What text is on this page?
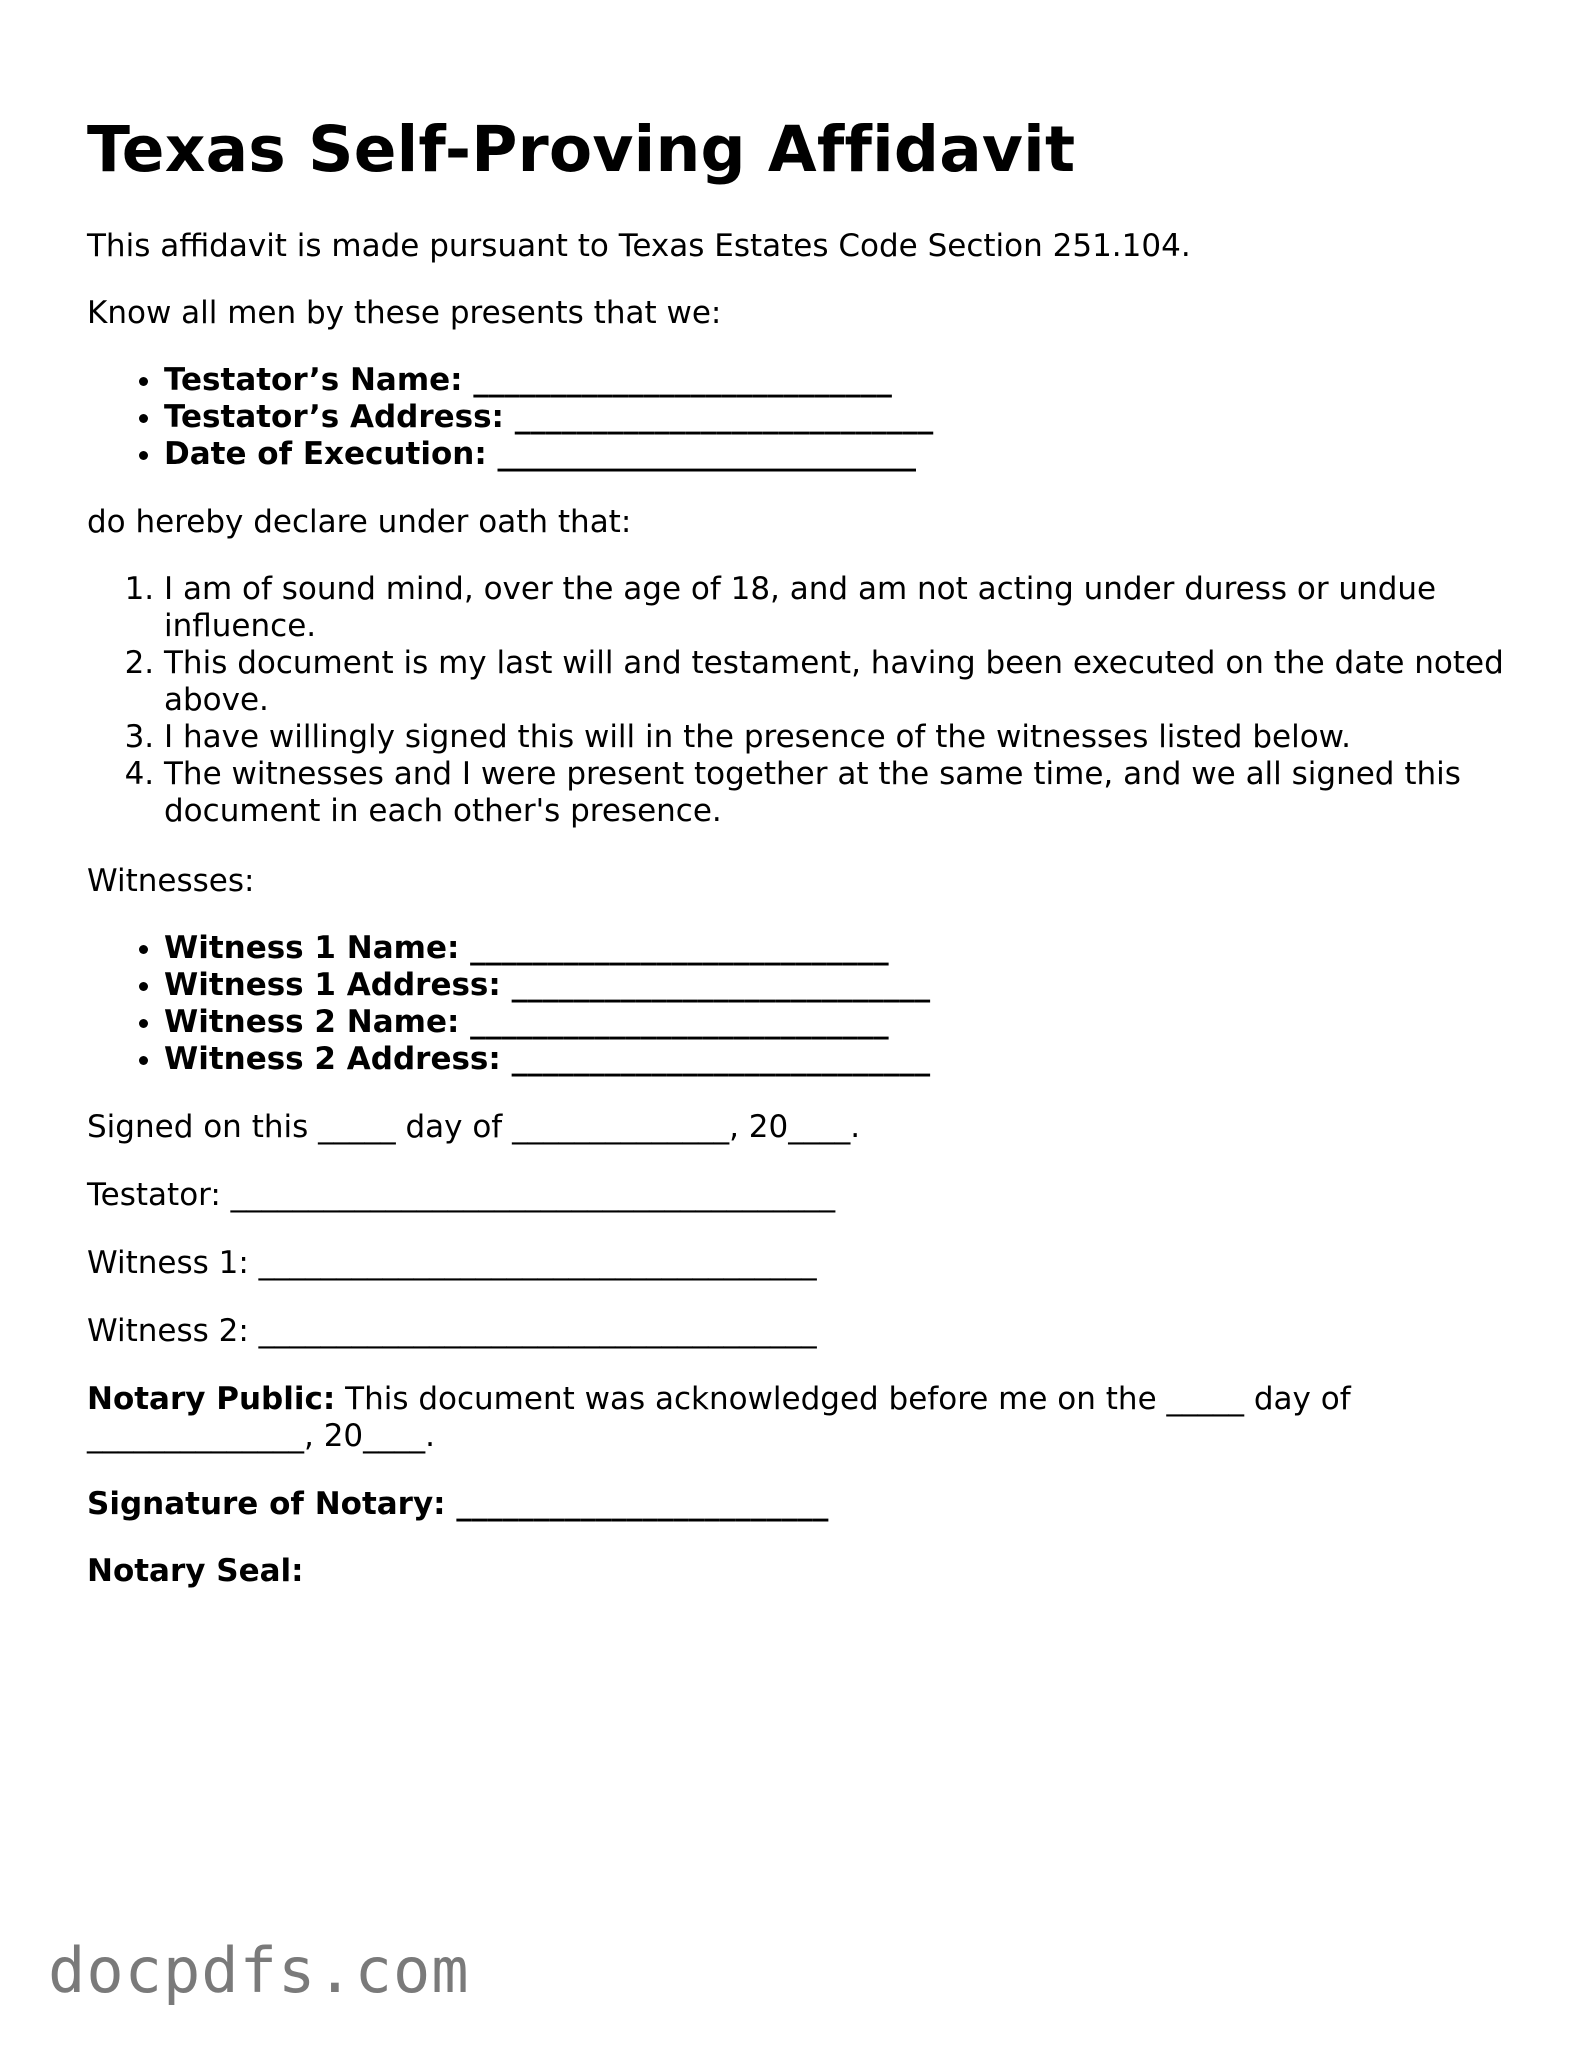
Texas Self-Proving Affidavit

This affidavit is made pursuant to Texas Estates Code Section 251.104.

Know all men by these presents that we:

• Testator’s Name: ___________________________
• Testator’s Address: ___________________________
• Date of Execution: ___________________________

do hereby declare under oath that:

1. I am of sound mind, over the age of 18, and am not acting under duress or undue influence.
2. This document is my last will and testament, having been executed on the date noted above.
3. I have willingly signed this will in the presence of the witnesses listed below.
4. The witnesses and I were present together at the same time, and we all signed this document in each other's presence.

Witnesses:

• Witness 1 Name: ___________________________
• Witness 1 Address: ___________________________
• Witness 2 Name: ___________________________
• Witness 2 Address: ___________________________

Signed on this _____ day of ______________, 20____.

Testator: _______________________________________

Witness 1: ____________________________________

Witness 2: ____________________________________

Notary Public: This document was acknowledged before me on the _____ day of ______________, 20____.

Signature of Notary: ________________________

Notary Seal:

docpdfs.com
